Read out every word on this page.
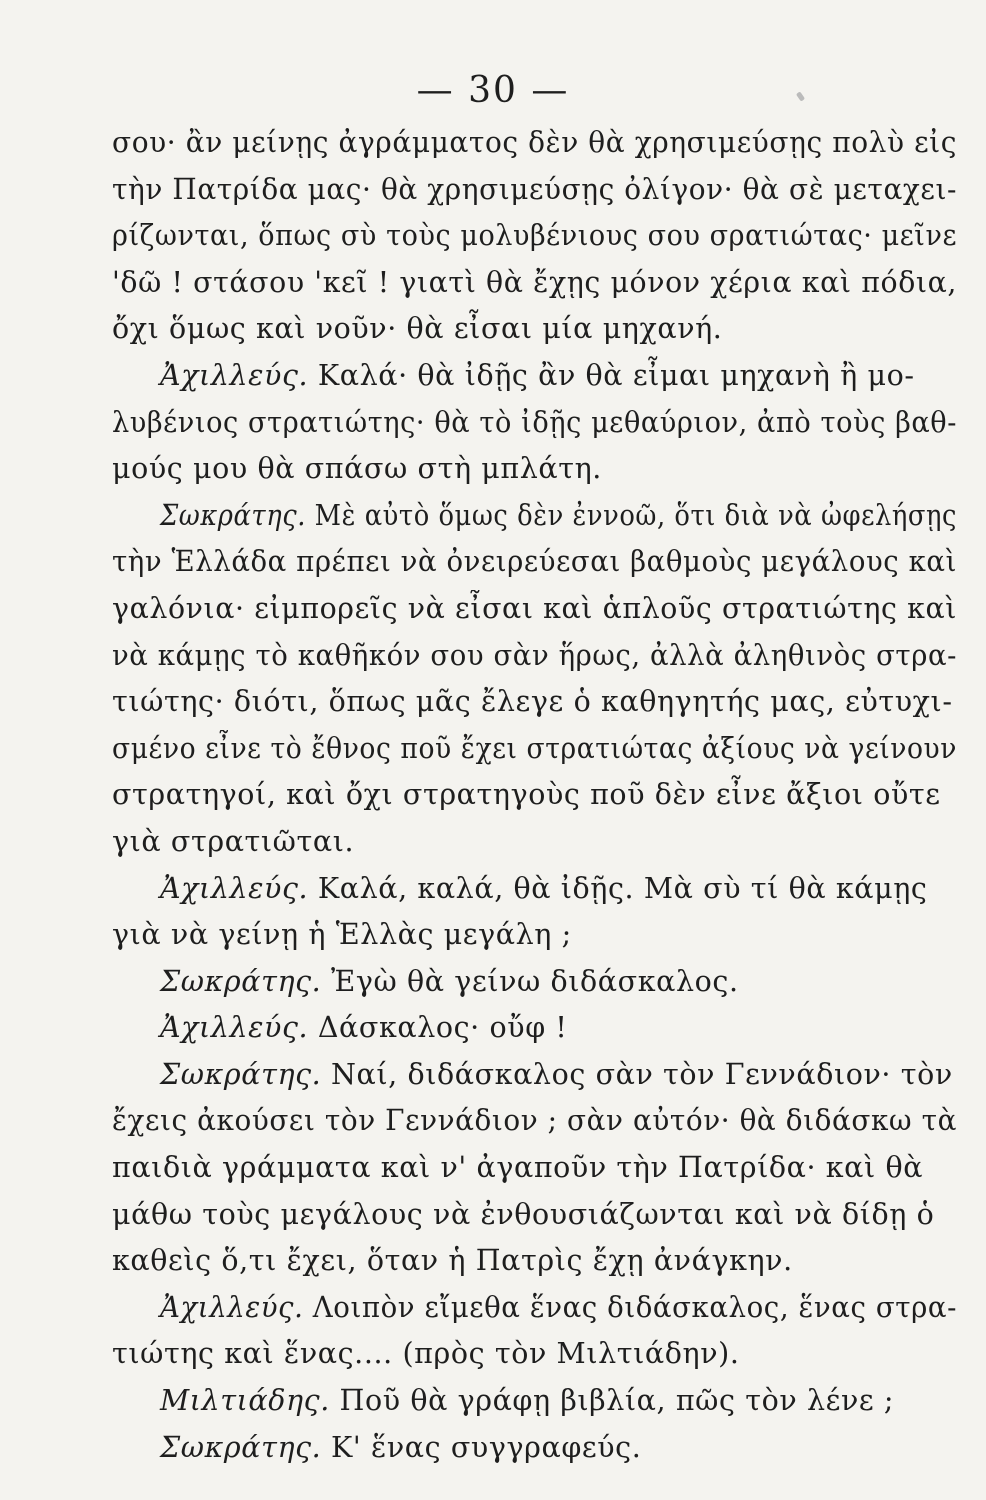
— 30 —
σου· ἂν μείνῃς ἀγράμματος δὲν θὰ χρησιμεύσῃς πολὺ εἰς
τὴν Πατρίδα μας· θὰ χρησιμεύσῃς ὀλίγον· θὰ σὲ μεταχει-
ρίζωνται, ὅπως σὺ τοὺς μολυβένιους σου σρατιώτας· μεῖνε
'δῶ ! στάσου 'κεῖ ! γιατὶ θὰ ἔχῃς μόνον χέρια καὶ πόδια,
ὄχι ὅμως καὶ νοῦν· θὰ εἶσαι μία μηχανή.
Ἀχιλλεύς. Καλά· θὰ ἰδῇς ἂν θὰ εἶμαι μηχανὴ ἢ μο-
λυβένιος στρατιώτης· θὰ τὸ ἰδῇς μεθαύριον, ἀπὸ τοὺς βαθ-
μούς μου θὰ σπάσω στὴ μπλάτη.
Σωκράτης. Μὲ αὐτὸ ὅμως δὲν ἐννοῶ, ὅτι διὰ νὰ ὠφελήσῃς
τὴν Ἑλλάδα πρέπει νὰ ὀνειρεύεσαι βαθμοὺς μεγάλους καὶ
γαλόνια· εἰμπορεῖς νὰ εἶσαι καὶ ἁπλοῦς στρατιώτης καὶ
νὰ κάμῃς τὸ καθῆκόν σου σὰν ἥρως, ἀλλὰ ἀληθινὸς στρα-
τιώτης· διότι, ὅπως μᾶς ἔλεγε ὁ καθηγητής μας, εὐτυχι-
σμένο εἶνε τὸ ἔθνος ποῦ ἔχει στρατιώτας ἀξίους νὰ γείνουν
στρατηγοί, καὶ ὄχι στρατηγοὺς ποῦ δὲν εἶνε ἄξιοι οὔτε
γιὰ στρατιῶται.
Ἀχιλλεύς. Καλά, καλά, θὰ ἰδῇς. Μὰ σὺ τί θὰ κάμῃς
γιὰ νὰ γείνῃ ἡ Ἑλλὰς μεγάλη ;
Σωκράτης. Ἐγὼ θὰ γείνω διδάσκαλος.
Ἀχιλλεύς. Δάσκαλος· οὔφ !
Σωκράτης. Ναί, διδάσκαλος σὰν τὸν Γεννάδιον· τὸν
ἔχεις ἀκούσει τὸν Γεννάδιον ; σὰν αὐτόν· θὰ διδάσκω τὰ
παιδιὰ γράμματα καὶ ν' ἀγαποῦν τὴν Πατρίδα· καὶ θὰ
μάθω τοὺς μεγάλους νὰ ἐνθουσιάζωνται καὶ νὰ δίδῃ ὁ
καθεὶς ὅ,τι ἔχει, ὅταν ἡ Πατρὶς ἔχῃ ἀνάγκην.
Ἀχιλλεύς. Λοιπὸν εἴμεθα ἕνας διδάσκαλος, ἕνας στρα-
τιώτης καὶ ἕνας.... (πρὸς τὸν Μιλτιάδην).
Μιλτιάδης. Ποῦ θὰ γράφῃ βιβλία, πῶς τὸν λένε ;
Σωκράτης. Κ' ἕνας συγγραφεύς.
